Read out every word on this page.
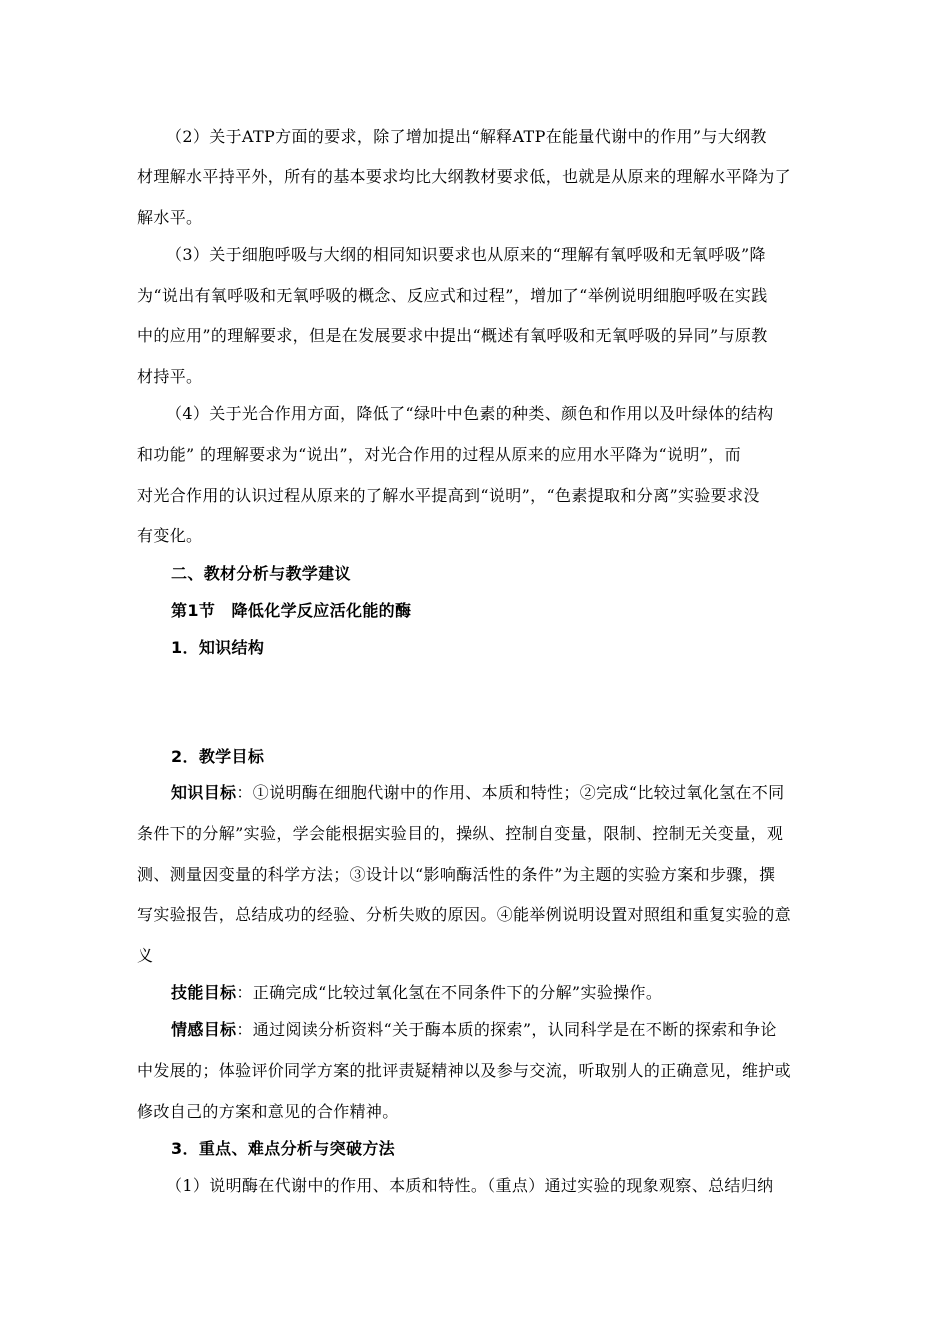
（2）关于ATP方面的要求，除了增加提出“解释ATP在能量代谢中的作用”与大纲教
材理解水平持平外，所有的基本要求均比大纲教材要求低，也就是从原来的理解水平降为了
解水平。
（3）关于细胞呼吸与大纲的相同知识要求也从原来的“理解有氧呼吸和无氧呼吸”降
为“说出有氧呼吸和无氧呼吸的概念、反应式和过程”，增加了“举例说明细胞呼吸在实践
中的应用”的理解要求，但是在发展要求中提出“概述有氧呼吸和无氧呼吸的异同”与原教
材持平。
（4）关于光合作用方面，降低了“绿叶中色素的种类、颜色和作用以及叶绿体的结构
和功能” 的理解要求为“说出”，对光合作用的过程从原来的应用水平降为“说明”，而
对光合作用的认识过程从原来的了解水平提高到“说明”，“色素提取和分离”实验要求没
有变化。
二、教材分析与教学建议
第1节　降低化学反应活化能的酶
1．知识结构
2．教学目标
知识目标：①说明酶在细胞代谢中的作用、本质和特性；②完成“比较过氧化氢在不同
条件下的分解”实验，学会能根据实验目的，操纵、控制自变量，限制、控制无关变量，观
测、测量因变量的科学方法；③设计以“影响酶活性的条件”为主题的实验方案和步骤，撰
写实验报告，总结成功的经验、分析失败的原因。④能举例说明设置对照组和重复实验的意
义
技能目标：正确完成“比较过氧化氢在不同条件下的分解”实验操作。
情感目标：通过阅读分析资料“关于酶本质的探索”，认同科学是在不断的探索和争论
中发展的；体验评价同学方案的批评责疑精神以及参与交流，听取别人的正确意见，维护或
修改自己的方案和意见的合作精神。
3．重点、难点分析与突破方法
（1）说明酶在代谢中的作用、本质和特性。（重点）通过实验的现象观察、总结归纳
